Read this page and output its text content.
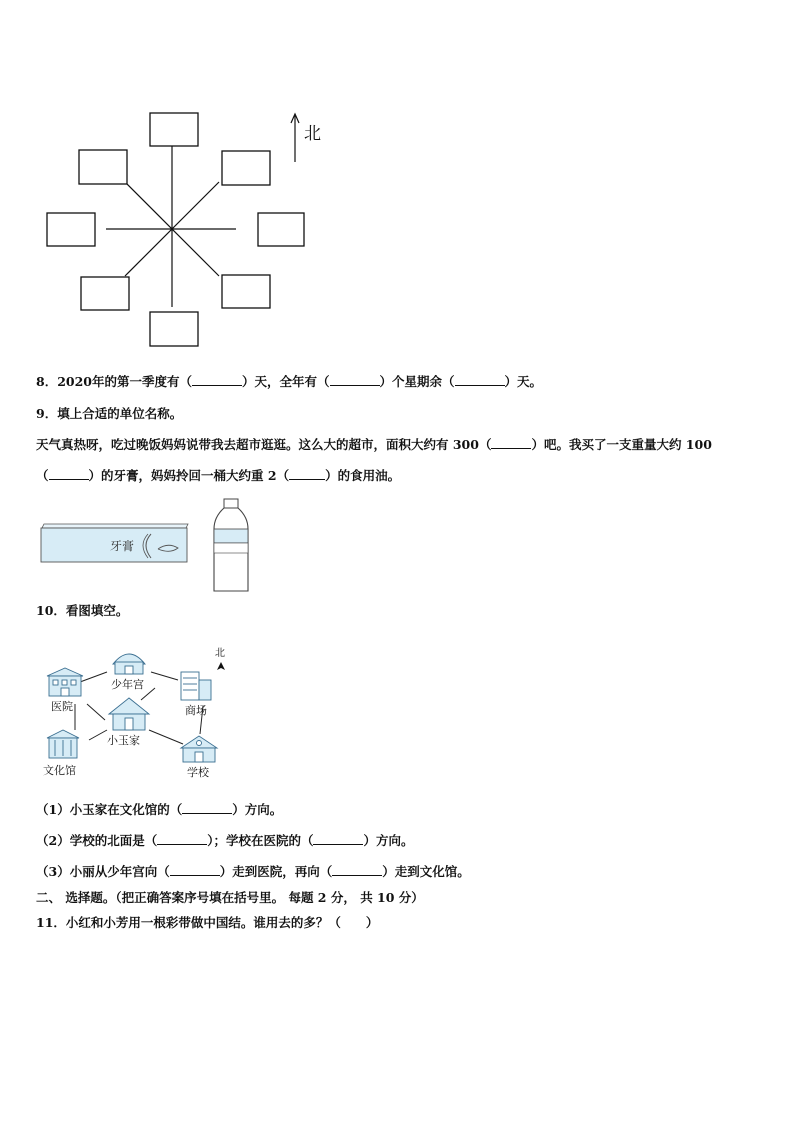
北
8．2020年的第一季度有（	）天，全年有（	）个星期余（	）天。
9．填上合适的单位名称。
天气真热呀，吃过晚饭妈妈说带我去超市逛逛。这么大的超市，面积大约有 300（	）吧。我买了一支重量大约 100
（	）的牙膏，妈妈拎回一桶大约重 2（	）的食用油。
牙膏
10．看图填空。
北
少年宫
医院	商场
小玉家
文化馆	学校
（1）小玉家在文化馆的（	）方向。
（2）学校的北面是（	）；学校在医院的（	）方向。
（3）小丽从少年宫向（	）走到医院，再向（	）走到文化馆。
二、 选择题。（把正确答案序号填在括号里。 每题 2 分， 共 10 分）
11．小红和小芳用一根彩带做中国结。谁用去的多？（　　）
